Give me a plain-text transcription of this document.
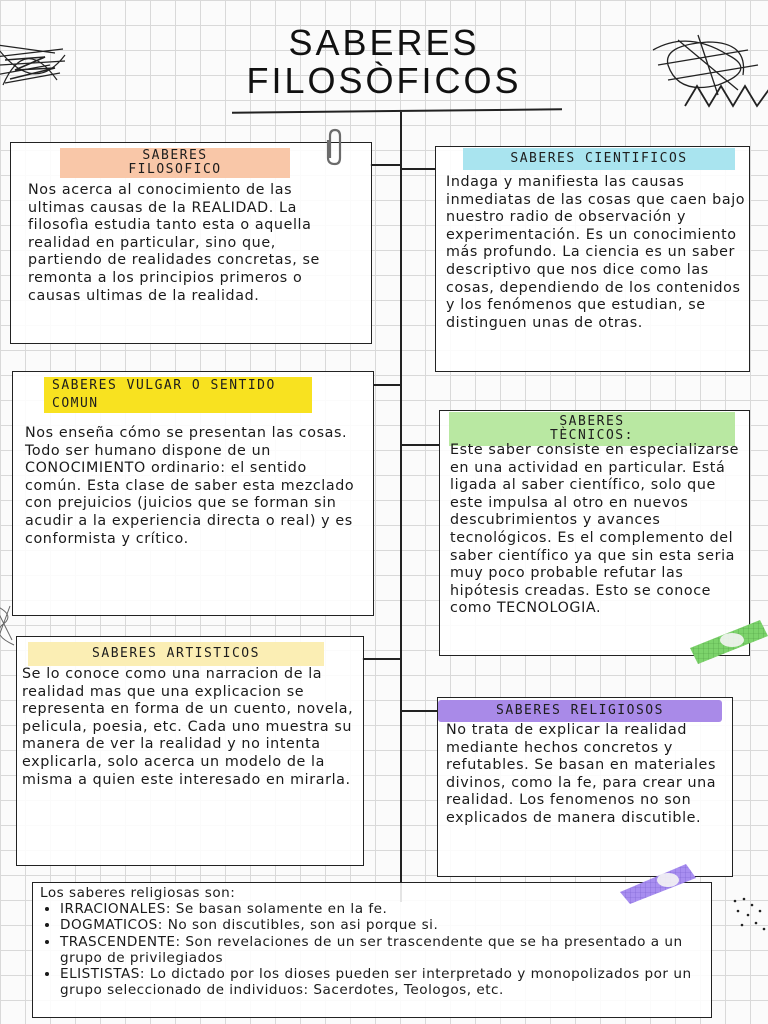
SABERES
FILOSÒFICOS
SABERES FILOSOFICO

Nos acerca al conocimiento de las ultimas causas de la REALIDAD. La filosofìa estudia tanto esta o aquella realidad en particular, sino que, partiendo de realidades concretas, se remonta a los principios primeros o causas ultimas de la realidad.

SABERES CIENTIFICOS

Indaga y manifiesta las causas inmediatas de las cosas que caen bajo nuestro radio de observación y experimentación. Es un conocimiento más profundo. La ciencia es un saber descriptivo que nos dice como las cosas, dependiendo de los contenidos y los fenómenos que estudian, se distinguen unas de otras.

SABERES VULGAR O SENTIDO COMUN

Nos enseña cómo se presentan las cosas. Todo ser humano dispone de un CONOCIMIENTO ordinario: el sentido común. Esta clase de saber esta mezclado con prejuicios (juicios que se forman sin acudir a la experiencia directa o real) y es conformista y crítico.

SABERES TÈCNICOS:

Este saber consiste en especializarse en una actividad en particular. Está ligada al saber científico, solo que este impulsa al otro en nuevos descubrimientos y avances tecnológicos. Es el complemento del saber científico ya que sin esta seria muy poco probable refutar las hipótesis creadas. Esto se conoce como TECNOLOGIA.

SABERES ARTISTICOS

Se lo conoce como una narracion de la realidad mas que una explicacion se representa en forma de un cuento, novela, pelicula, poesia, etc. Cada uno muestra su manera de ver la realidad y no intenta explicarla, solo acerca un modelo de la misma a quien este interesado en mirarla.

SABERES RELIGIOSOS

No trata de explicar la realidad mediante hechos concretos y refutables. Se basan en materiales divinos, como la fe, para crear una realidad. Los fenomenos no son explicados de manera discutible.

Los saberes religiosas son:
• IRRACIONALES: Se basan solamente en la fe.
• DOGMATICOS: No son discutibles, son asi porque si.
• TRASCENDENTE: Son revelaciones de un ser trascendente que se ha presentado a un grupo de privilegiados
• ELISTISTAS: Lo dictado por los dioses pueden ser interpretado y monopolizados por un grupo seleccionado de individuos: Sacerdotes, Teologos, etc.
